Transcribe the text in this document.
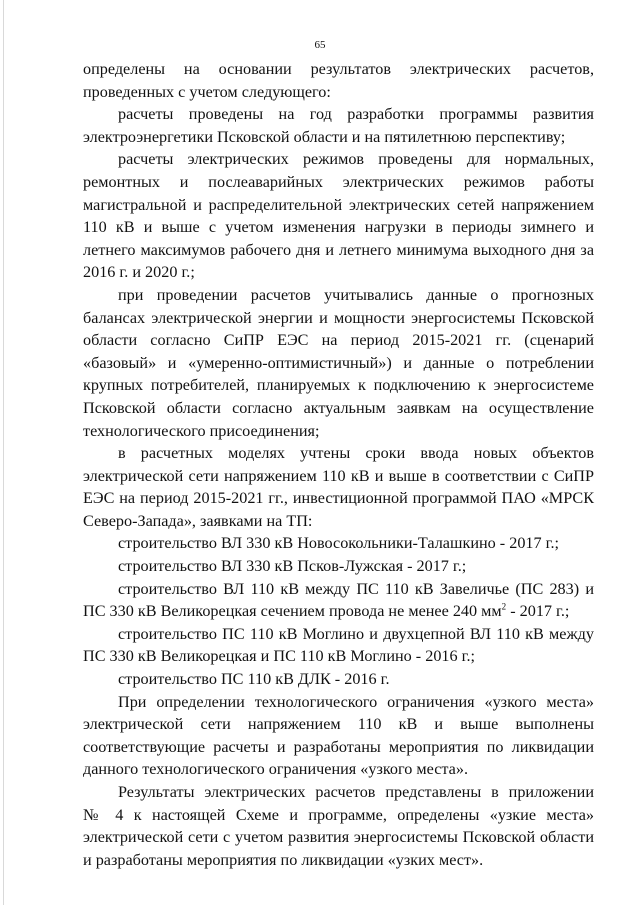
65
определены на основании результатов электрических расчетов,
проведенных с учетом следующего:
расчеты проведены на год разработки программы развития
электроэнергетики Псковской области и на пятилетнюю перспективу;
расчеты электрических режимов проведены для нормальных,
ремонтных и послеаварийных электрических режимов работы
магистральной и распределительной электрических сетей напряжением
110 кВ и выше с учетом изменения нагрузки в периоды зимнего и
летнего максимумов рабочего дня и летнего минимума выходного дня за
2016 г. и 2020 г.;
при проведении расчетов учитывались данные о прогнозных
балансах электрической энергии и мощности энергосистемы Псковской
области согласно СиПР ЕЭС на период 2015-2021 гг. (сценарий
«базовый» и «умеренно-оптимистичный») и данные о потреблении
крупных потребителей, планируемых к подключению к энергосистеме
Псковской области согласно актуальным заявкам на осуществление
технологического присоединения;
в расчетных моделях учтены сроки ввода новых объектов
электрической сети напряжением 110 кВ и выше в соответствии с СиПР
ЕЭС на период 2015-2021 гг., инвестиционной программой ПАО «МРСК
Северо-Запада», заявками на ТП:
строительство ВЛ 330 кВ Новосокольники-Талашкино - 2017 г.;
строительство ВЛ 330 кВ Псков-Лужская - 2017 г.;
строительство ВЛ 110 кВ между ПС 110 кВ Завеличье (ПС 283) и
ПС 330 кВ Великорецкая сечением провода не менее 240 $мм^2 - 2017$ г.;
строительство ПС 110 кВ Моглино и двухцепной ВЛ 110 кВ между
ПС 330 кВ Великорецкая и ПС 110 кВ Моглино - 2016 г.;
строительство ПС 110 кВ ДЛК - 2016 г.
При определении технологического ограничения «узкого места»
электрической сети напряжением 110 кВ и выше выполнены
соответствующие расчеты и разработаны мероприятия по ликвидации
данного технологического ограничения «узкого места».
Результаты электрических расчетов представлены в приложении
№ 4 к настоящей Схеме и программе, определены «узкие места»
электрической сети с учетом развития энергосистемы Псковской области
и разработаны мероприятия по ликвидации «узких мест».
